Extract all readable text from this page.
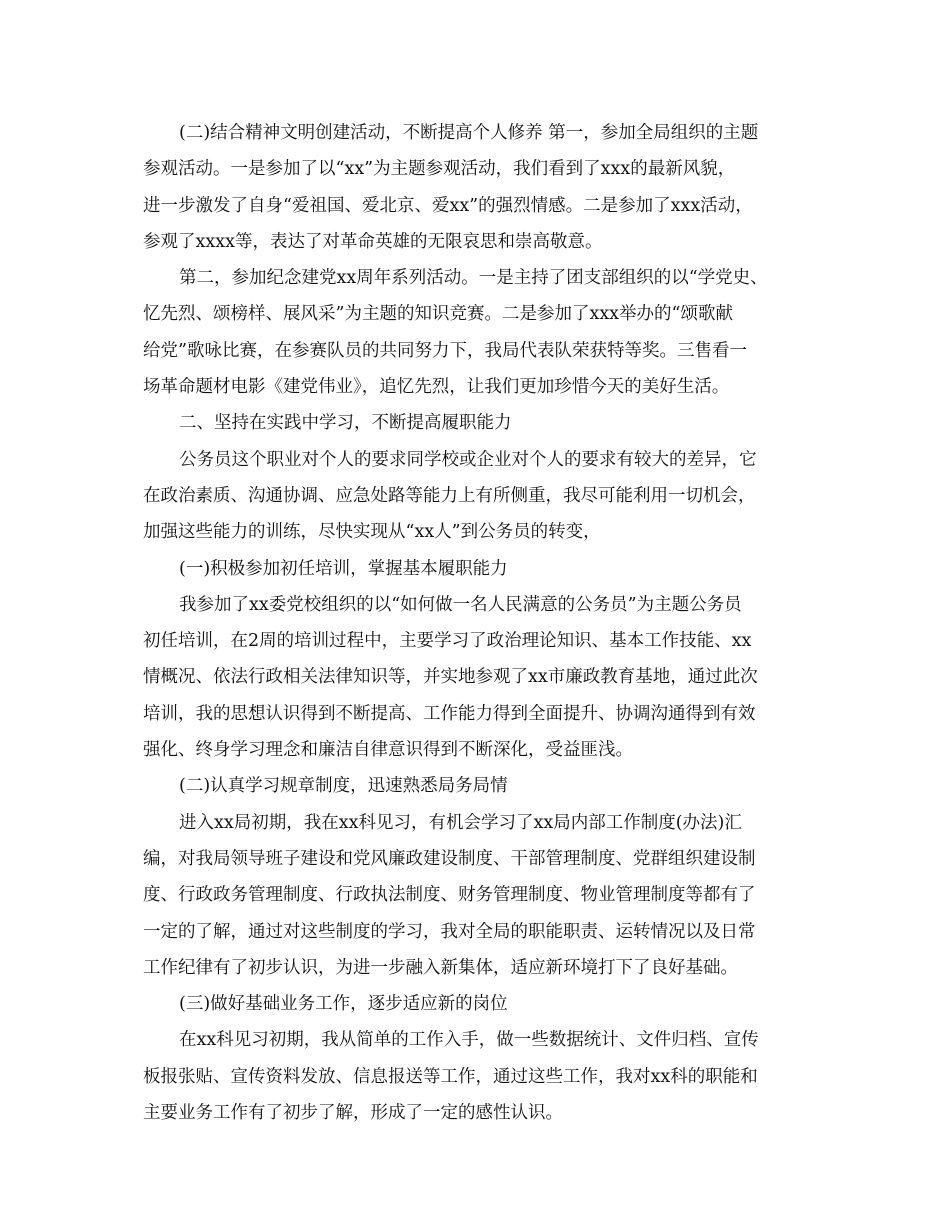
(二)结合精神文明创建活动，不断提高个人修养 第一，参加全局组织的主题
参观活动。一是参加了以“xx”为主题参观活动，我们看到了xxx的最新风貌，
进一步激发了自身“爱祖国、爱北京、爱xx”的强烈情感。二是参加了xxx活动，
参观了xxxx等，表达了对革命英雄的无限哀思和崇高敬意。
第二，参加纪念建党xx周年系列活动。一是主持了团支部组织的以“学党史、
忆先烈、颂榜样、展风采”为主题的知识竞赛。二是参加了xxx举办的“颂歌献
给党”歌咏比赛，在参赛队员的共同努力下，我局代表队荣获特等奖。三售看一
场革命题材电影《建党伟业》，追忆先烈，让我们更加珍惜今天的美好生活。
二、坚持在实践中学习，不断提高履职能力
公务员这个职业对个人的要求同学校或企业对个人的要求有较大的差异，它
在政治素质、沟通协调、应急处路等能力上有所侧重，我尽可能利用一切机会，
加强这些能力的训练，尽快实现从“xx人”到公务员的转变，
(一)积极参加初任培训，掌握基本履职能力
我参加了xx委党校组织的以“如何做一名人民满意的公务员”为主题公务员
初任培训，在2周的培训过程中，主要学习了政治理论知识、基本工作技能、xx
情概况、依法行政相关法律知识等，并实地参观了xx市廉政教育基地，通过此次
培训，我的思想认识得到不断提高、工作能力得到全面提升、协调沟通得到有效
强化、终身学习理念和廉洁自律意识得到不断深化，受益匪浅。
(二)认真学习规章制度，迅速熟悉局务局情
进入xx局初期，我在xx科见习，有机会学习了xx局内部工作制度(办法)汇
编，对我局领导班子建设和党风廉政建设制度、干部管理制度、党群组织建设制
度、行政政务管理制度、行政执法制度、财务管理制度、物业管理制度等都有了
一定的了解，通过对这些制度的学习，我对全局的职能职责、运转情况以及日常
工作纪律有了初步认识，为进一步融入新集体，适应新环境打下了良好基础。
(三)做好基础业务工作，逐步适应新的岗位
在xx科见习初期，我从简单的工作入手，做一些数据统计、文件归档、宣传
板报张贴、宣传资料发放、信息报送等工作，通过这些工作，我对xx科的职能和
主要业务工作有了初步了解，形成了一定的感性认识。
